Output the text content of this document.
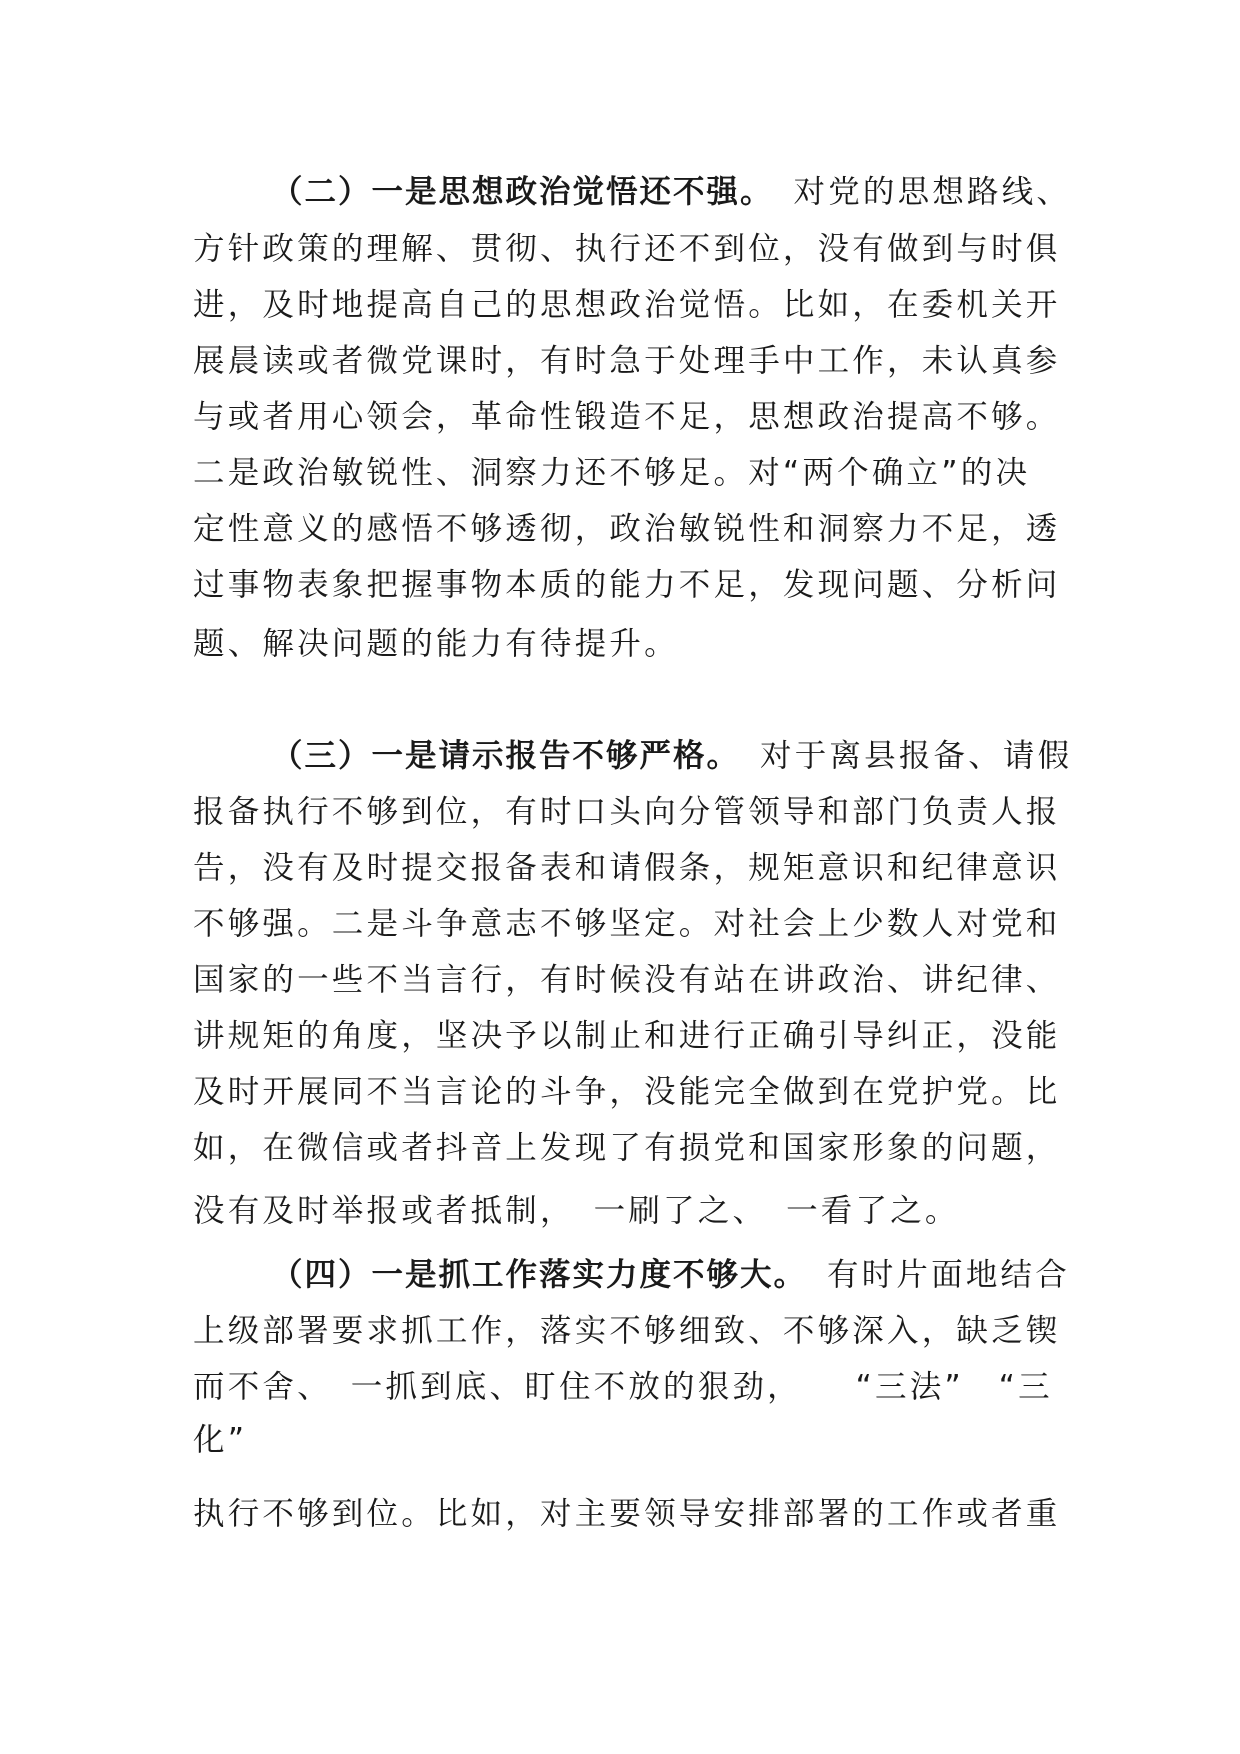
（二）一是思想政治觉悟还不强。 对党的思想路线、
方针政策的理解、贯彻、执行还不到位，没有做到与时俱
进，及时地提高自己的思想政治觉悟。比如，在委机关开
展晨读或者微党课时，有时急于处理手中工作，未认真参
与或者用心领会，革命性锻造不足，思想政治提高不够。
二是政治敏锐性、洞察力还不够足。对“两个确立”的决
定性意义的感悟不够透彻，政治敏锐性和洞察力不足，透
过事物表象把握事物本质的能力不足，发现问题、分析问
题、解决问题的能力有待提升。
（三）一是请示报告不够严格。 对于离县报备、请假
报备执行不够到位，有时口头向分管领导和部门负责人报
告，没有及时提交报备表和请假条，规矩意识和纪律意识
不够强。二是斗争意志不够坚定。对社会上少数人对党和
国家的一些不当言行，有时候没有站在讲政治、讲纪律、
讲规矩的角度，坚决予以制止和进行正确引导纠正，没能
及时开展同不当言论的斗争，没能完全做到在党护党。比
如，在微信或者抖音上发现了有损党和国家形象的问题，
没有及时举报或者抵制，　一刷了之、　一看了之。
（四）一是抓工作落实力度不够大。 有时片面地结合
上级部署要求抓工作，落实不够细致、不够深入，缺乏锲
而不舍、　一抓到底、盯住不放的狠劲，　　“三法”　“三
化”
执行不够到位。比如，对主要领导安排部署的工作或者重
